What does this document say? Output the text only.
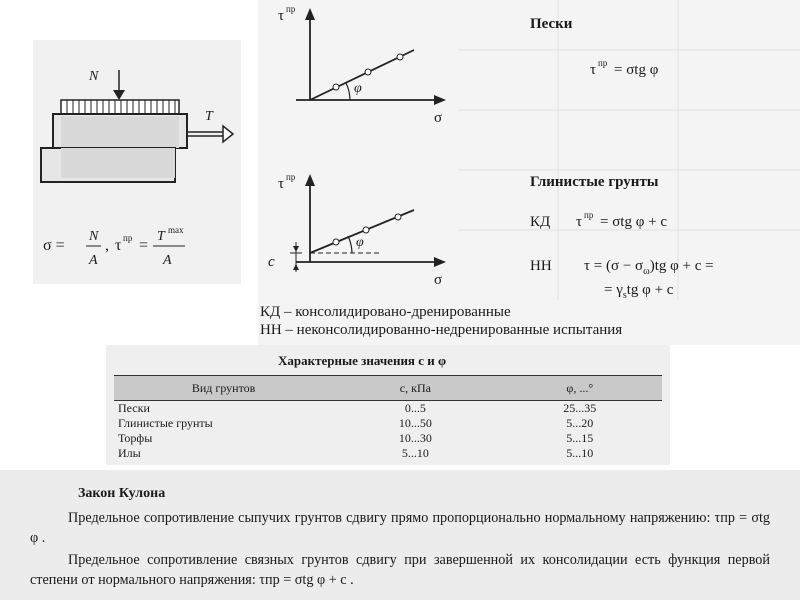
N
T
σ =
N
A
, τ пр =
T max
A
φ
τ пр
σ
Пески
τ пр = σtg φ
φ
c
τ пр
σ
Глинистые грунты
КД τ пр = σtg φ + c
НН $\tau = (\sigma - \sigma_\omega)tg$ φ + c =
= $\gamma_stg$ φ + c
КД – консолидировано-дренированные
НН – неконсолидированно-недренированные испытания
Характерные значения c и φ
Вид грунтов	c, кПа	φ, ...°
Пески	0...5	25...35
Глинистые грунты	10...50	5...20
Торфы	10...30	5...15
Илы	5...10	5...10
Закон Кулона

Предельное сопротивление сыпучих грунтов сдвигу прямо пропорционально нормальному напряжению: τпр = σtg φ .

Предельное сопротивление связных грунтов сдвигу при завершенной их консолидации есть функция первой степени от нормального напряжения: τпр = σtg φ + c .
